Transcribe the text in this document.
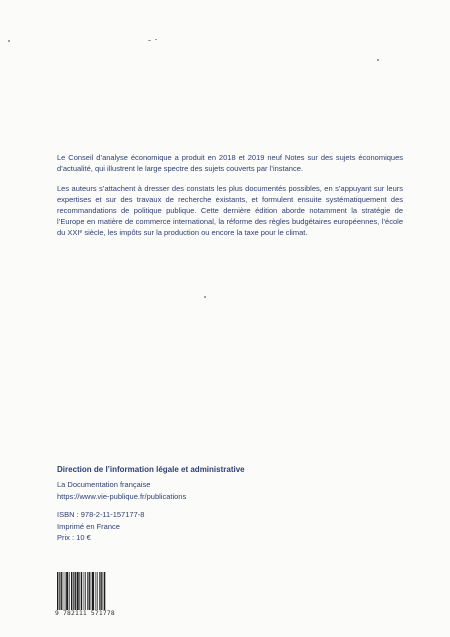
Le Conseil d’analyse économique a produit en 2018 et 2019 neuf Notes sur des sujets économiques d’actualité, qui illustrent le large spectre des sujets couverts par l’instance.

Les auteurs s’attachent à dresser des constats les plus documentés possibles, en s’appuyant sur leurs expertises et sur des travaux de recherche existants, et formulent ensuite systématiquement des recommandations de politique publique. Cette dernière édition aborde notamment la stratégie de l’Europe en matière de commerce international, la réforme des règles budgétaires européennes, l’école du XXIe siècle, les impôts sur la production ou encore la taxe pour le climat.

Direction de l’information légale et administrative
La Documentation française
https://www.vie-publique.fr/publications
ISBN : 978-2-11-157177-8
Imprimé en France
Prix : 10 €
9 782111 571778
